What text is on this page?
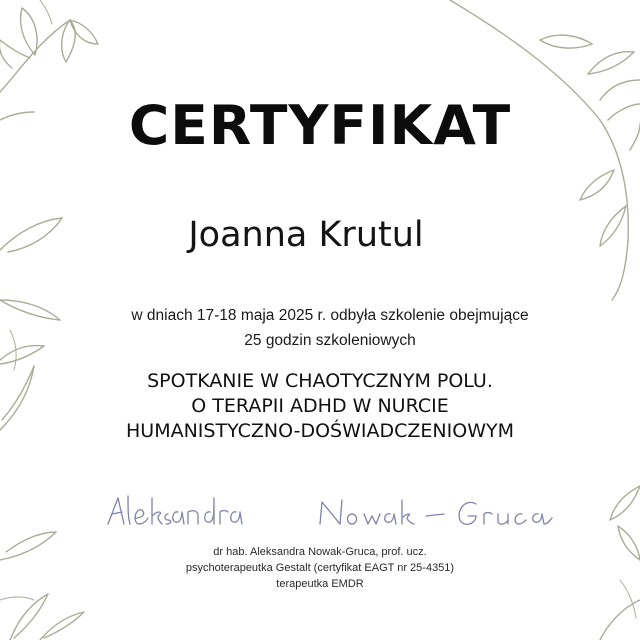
CERTYFIKAT
Joanna Krutul
w dniach 17-18 maja 2025 r. odbyła szkolenie obejmujące
25 godzin szkoleniowych
SPOTKANIE W CHAOTYCZNYM POLU.
O TERAPII ADHD W NURCIE
HUMANISTYCZNO-DOŚWIADCZENIOWYM
dr hab. Aleksandra Nowak-Gruca, prof. ucz.
psychoterapeutka Gestalt (certyfikat EAGT nr 25-4351)
terapeutka EMDR
